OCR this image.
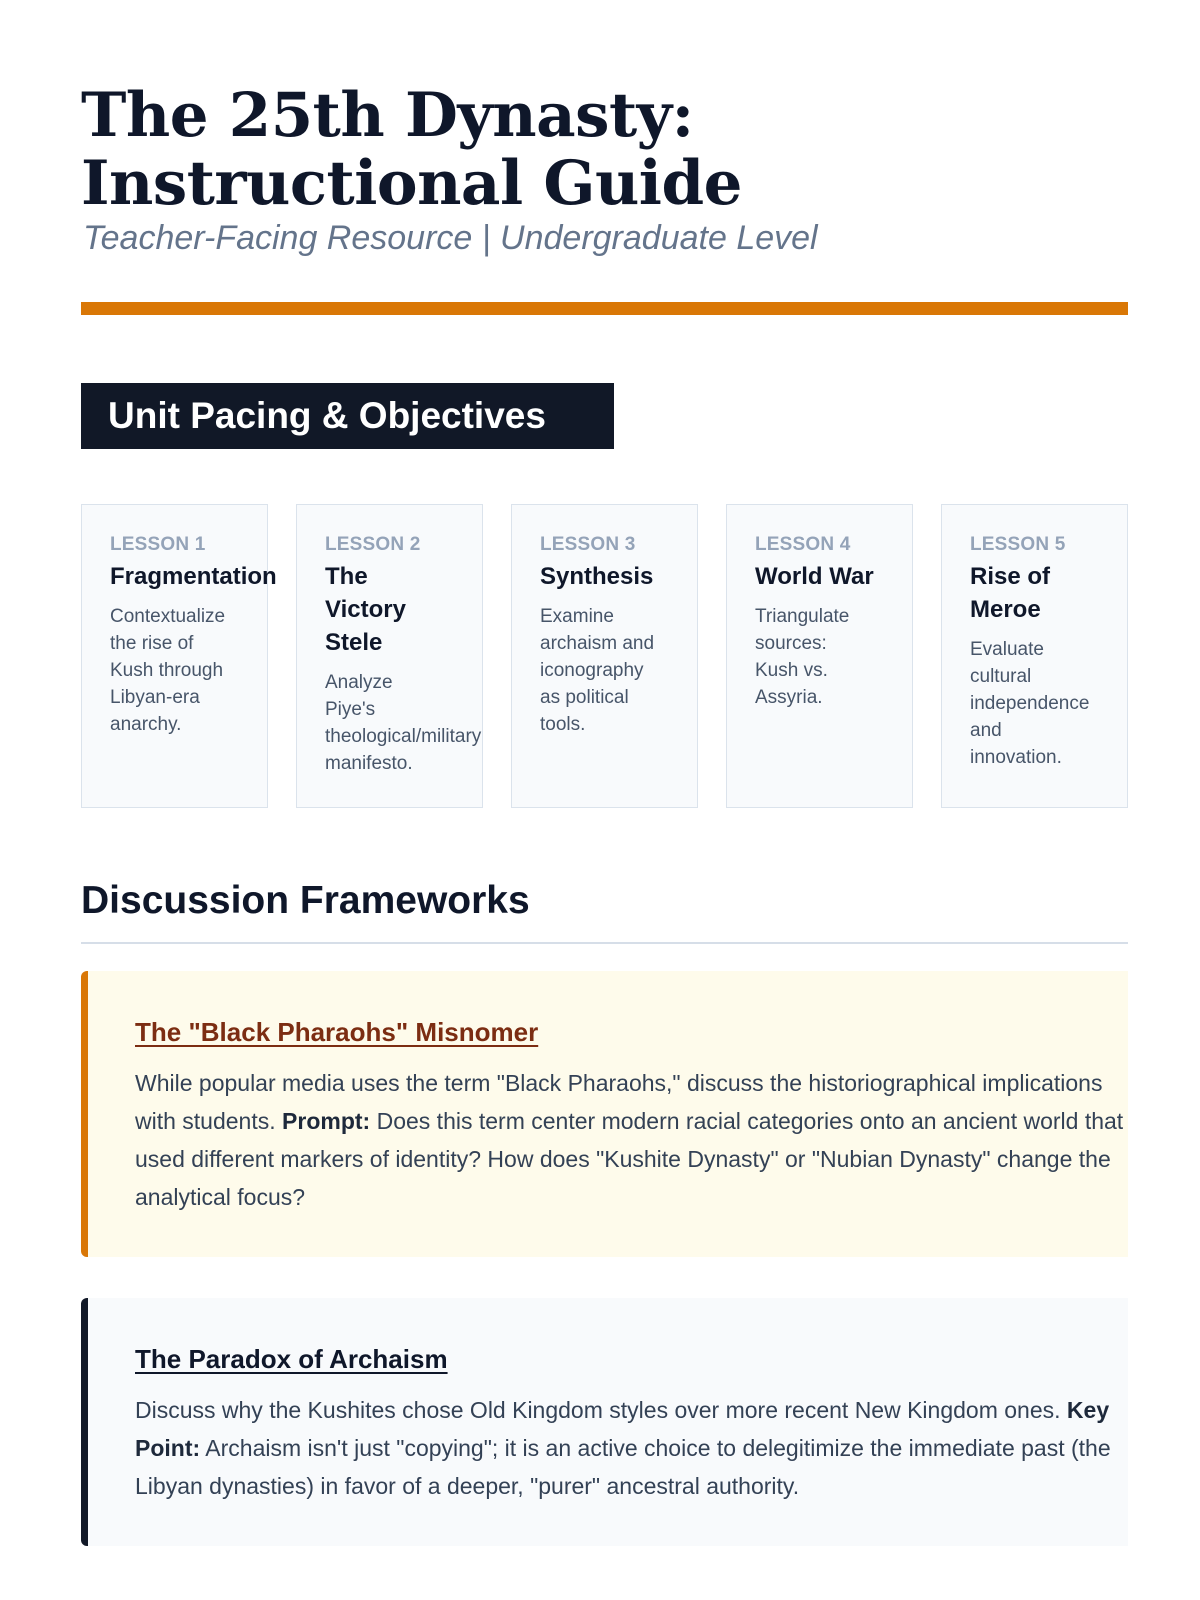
The 25th Dynasty: Instructional Guide
Teacher-Facing Resource | Undergraduate Level
Unit Pacing & Objectives
LESSON 1
Fragmentation
Contextualize
the rise of
Kush through
Libyan-era
anarchy.
LESSON 2
The
Victory
Stele
Analyze
Piye's
theological/military
manifesto.
LESSON 3
Synthesis
Examine
archaism and
iconography
as political
tools.
LESSON 4
World War
Triangulate
sources:
Kush vs.
Assyria.
LESSON 5
Rise of
Meroe
Evaluate
cultural
independence
and
innovation.
Discussion Frameworks
The "Black Pharaohs" Misnomer

While popular media uses the term "Black Pharaohs," discuss the historiographical implications with students. Prompt: Does this term center modern racial categories onto an ancient world that used different markers of identity? How does "Kushite Dynasty" or "Nubian Dynasty" change the analytical focus?

The Paradox of Archaism

Discuss why the Kushites chose Old Kingdom styles over more recent New Kingdom ones. Key Point: Archaism isn't just "copying"; it is an active choice to delegitimize the immediate past (the Libyan dynasties) in favor of a deeper, "purer" ancestral authority.
